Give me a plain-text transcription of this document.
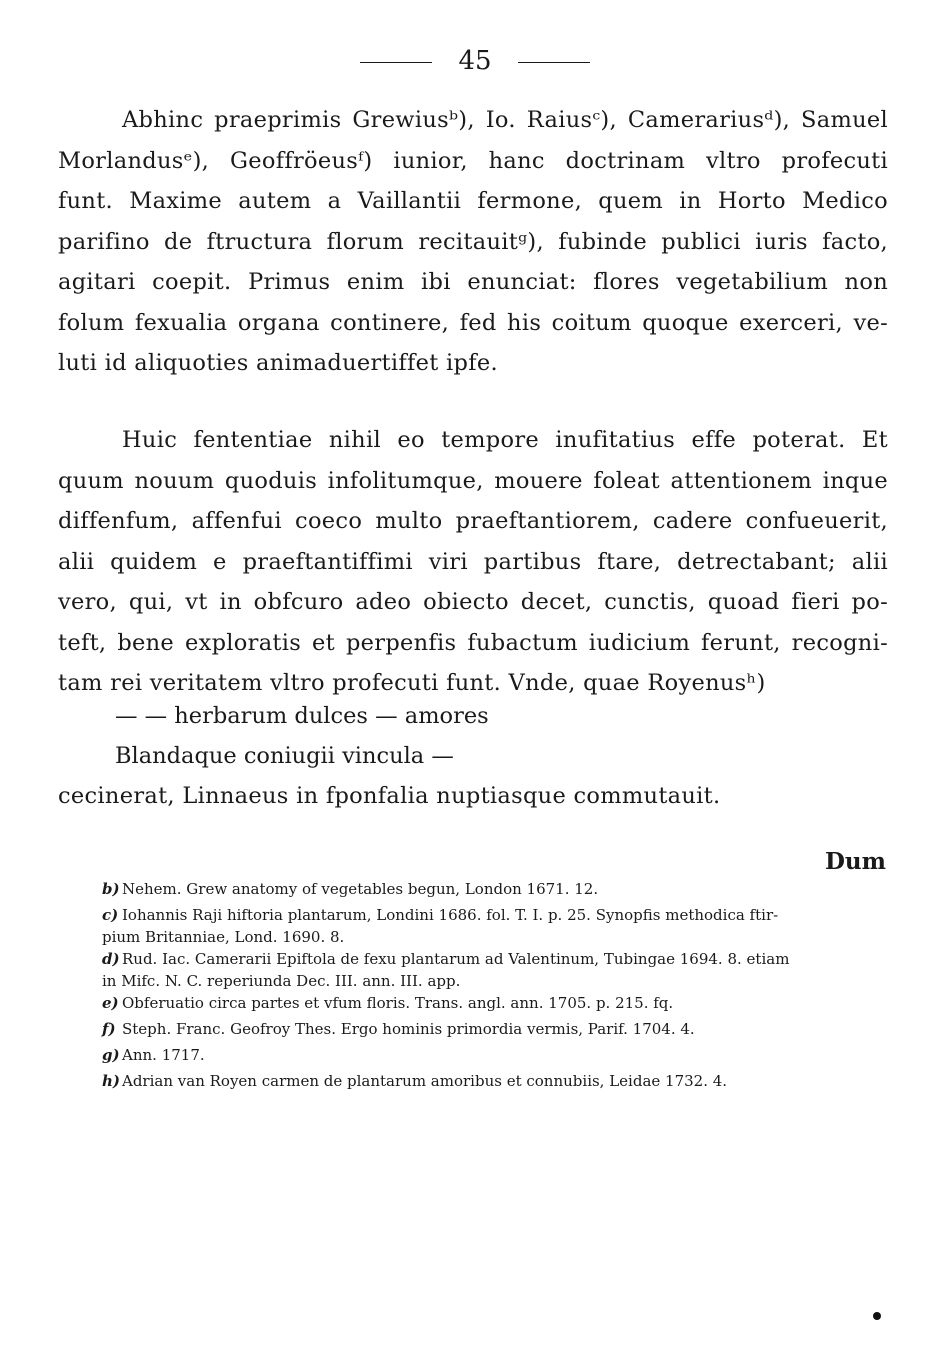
45
Abhinc praeprimis Grewiusᵇ), Io. Raiusᶜ), Camerariusᵈ), Samuel
Morlandusᵉ), Geoffröeusᶠ) iunior, hanc doctrinam vltro profecuti
funt. Maxime autem a Vaillantii fermone, quem in Horto Medico
parifino de ftructura florum recitauitᵍ), fubinde publici iuris facto,
agitari coepit. Primus enim ibi enunciat: flores vegetabilium non
folum fexualia organa continere, fed his coitum quoque exerceri, ve-
luti id aliquoties animaduertiffet ipfe.
Huic fententiae nihil eo tempore inufitatius effe poterat. Et
quum nouum quoduis infolitumque, mouere foleat attentionem inque
diffenfum, affenfui coeco multo praeftantiorem, cadere confueuerit,
alii quidem e praeftantiffimi viri partibus ftare, detrectabant; alii
vero, qui, vt in obfcuro adeo obiecto decet, cunctis, quoad fieri po-
teft, bene exploratis et perpenfis fubactum iudicium ferunt, recogni-
tam rei veritatem vltro profecuti funt. Vnde, quae Royenusʰ)
— — herbarum dulces — amores
Blandaque coniugii vincula —
cecinerat, Linnaeus in fponfalia nuptiasque commutauit.
Dum
b) Nehem. Grew anatomy of vegetables begun, London 1671. 12.
c) Iohannis Raji hiftoria plantarum, Londini 1686. fol. T. I. p. 25. Synopfis methodica ftir-
pium Britanniae, Lond. 1690. 8.
d) Rud. Iac. Camerarii Epiftola de fexu plantarum ad Valentinum, Tubingae 1694. 8. etiam
in Mifc. N. C. reperiunda Dec. III. ann. III. app.
e) Obferuatio circa partes et vfum floris. Trans. angl. ann. 1705. p. 215. fq.
f) Steph. Franc. Geofroy Thes. Ergo hominis primordia vermis, Parif. 1704. 4.
g) Ann. 1717.
h) Adrian van Royen carmen de plantarum amoribus et connubiis, Leidae 1732. 4.
